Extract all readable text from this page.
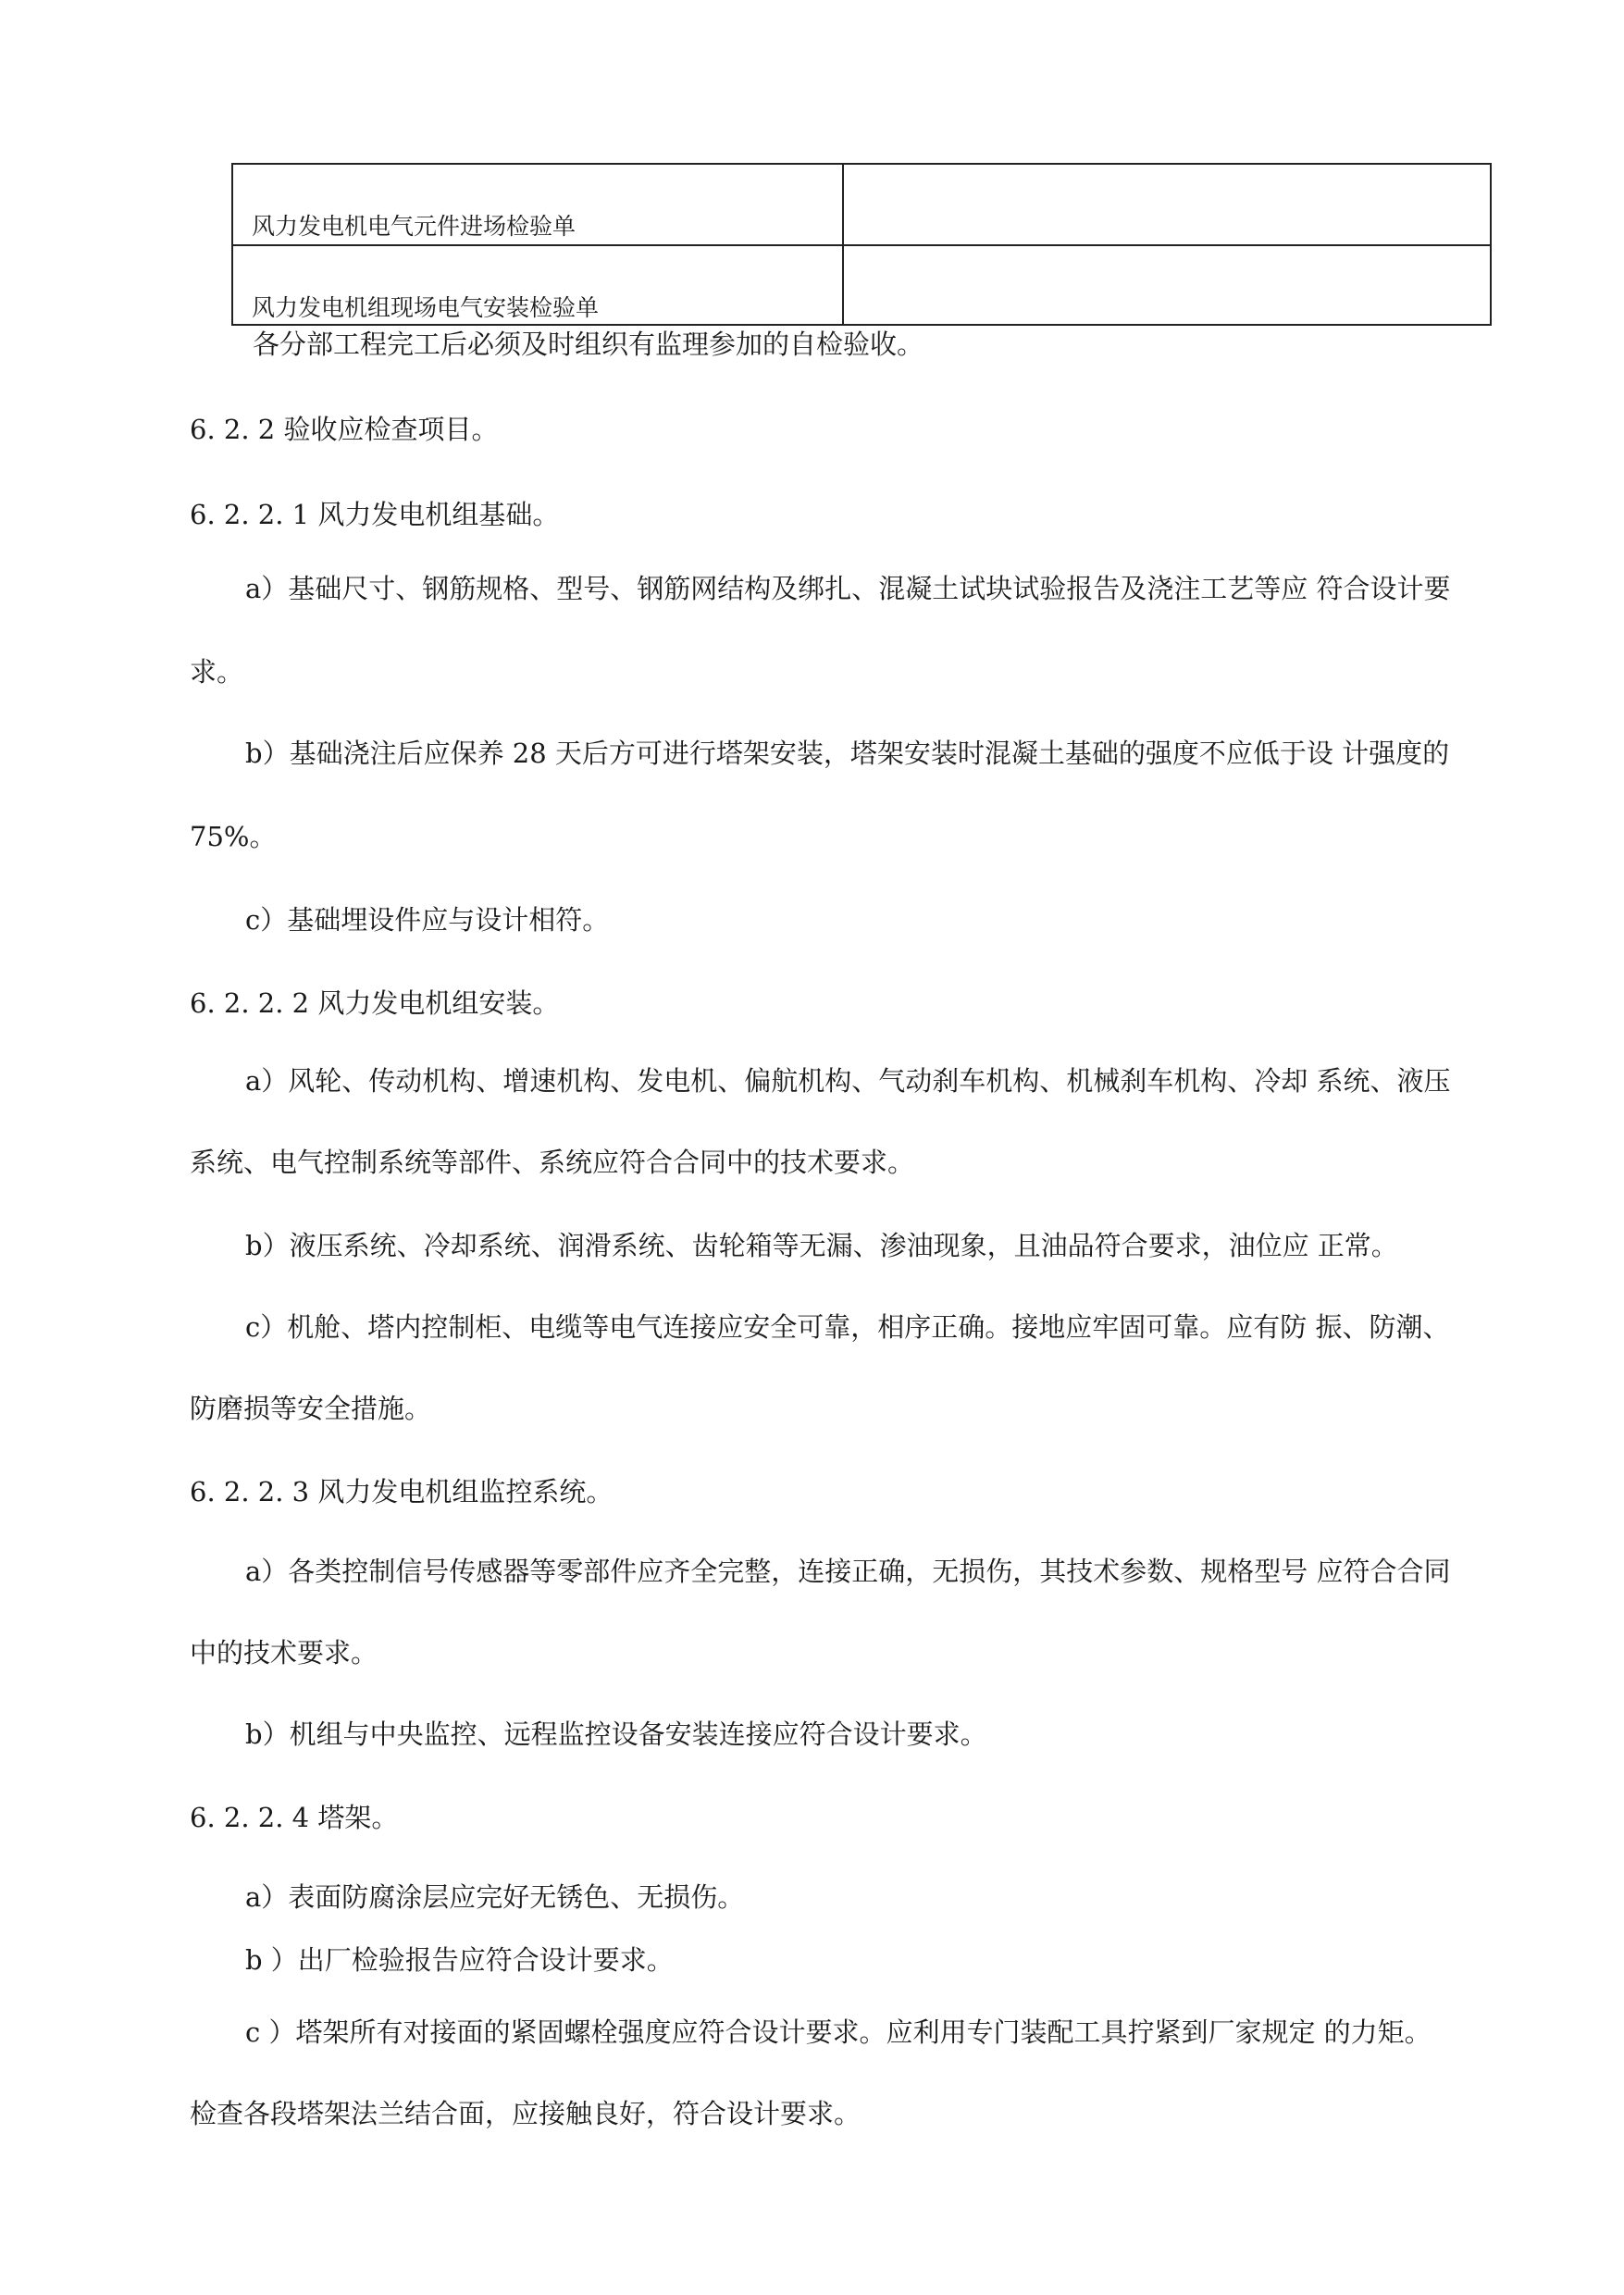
风力发电机电气元件进场检验单
风力发电机组现场电气安装检验单
各分部工程完工后必须及时组织有监理参加的自检验收。
6. 2. 2 验收应检查项目。
6. 2. 2. 1 风力发电机组基础。
a）基础尺寸、钢筋规格、型号、钢筋网结构及绑扎、混凝土试块试验报告及浇注工艺等应 符合设计要
求。
b）基础浇注后应保养 28 天后方可进行塔架安装，塔架安装时混凝土基础的强度不应低于设 计强度的
75%。
c）基础埋设件应与设计相符。
6. 2. 2. 2 风力发电机组安装。
a）风轮、传动机构、增速机构、发电机、偏航机构、气动刹车机构、机械刹车机构、冷却 系统、液压
系统、电气控制系统等部件、系统应符合合同中的技术要求。
b）液压系统、冷却系统、润滑系统、齿轮箱等无漏、渗油现象，且油品符合要求，油位应 正常。
c）机舱、塔内控制柜、电缆等电气连接应安全可靠，相序正确。接地应牢固可靠。应有防 振、防潮、
防磨损等安全措施。
6. 2. 2. 3 风力发电机组监控系统。
a）各类控制信号传感器等零部件应齐全完整，连接正确，无损伤，其技术参数、规格型号 应符合合同
中的技术要求。
b）机组与中央监控、远程监控设备安装连接应符合设计要求。
6. 2. 2. 4 塔架。
a）表面防腐涂层应完好无锈色、无损伤。
b ）出厂检验报告应符合设计要求。
c ）塔架所有对接面的紧固螺栓强度应符合设计要求。应利用专门装配工具拧紧到厂家规定 的力矩。
检查各段塔架法兰结合面，应接触良好，符合设计要求。
